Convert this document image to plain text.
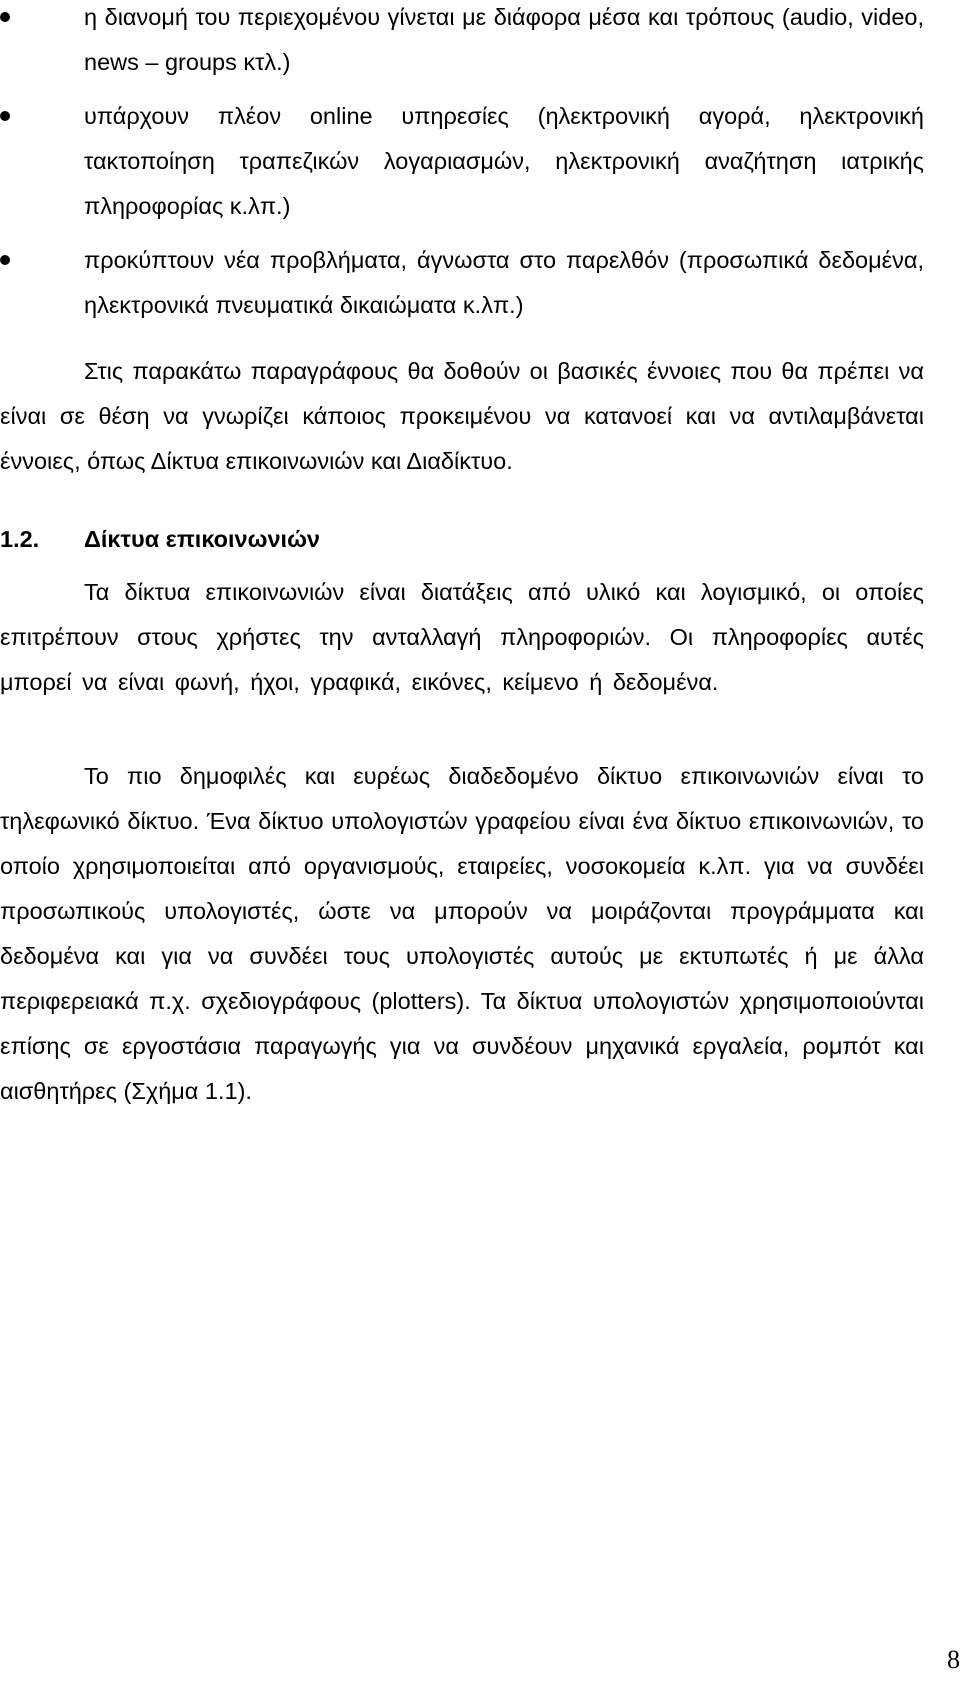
η διανομή του περιεχομένου γίνεται με διάφορα μέσα και τρόπους (audio, video, news – groups κτλ.)
υπάρχουν πλέον online υπηρεσίες (ηλεκτρονική αγορά, ηλεκτρονική τακτοποίηση τραπεζικών λογαριασμών, ηλεκτρονική αναζήτηση ιατρικής πληροφορίας κ.λπ.)
προκύπτουν νέα προβλήματα, άγνωστα στο παρελθόν (προσωπικά δεδομένα, ηλεκτρονικά πνευματικά δικαιώματα κ.λπ.)

Στις παρακάτω παραγράφους θα δοθούν οι βασικές έννοιες που θα πρέπει να είναι σε θέση να γνωρίζει κάποιος προκειμένου να κατανοεί και να αντιλαμβάνεται έννοιες, όπως Δίκτυα επικοινωνιών και Διαδίκτυο.

1.2. Δίκτυα επικοινωνιών

Τα δίκτυα επικοινωνιών είναι διατάξεις από υλικό και λογισμικό, οι οποίες επιτρέπουν στους χρήστες την ανταλλαγή πληροφοριών. Οι πληροφορίες αυτές μπορεί να είναι φωνή, ήχοι, γραφικά, εικόνες, κείμενο ή δεδομένα.

Το πιο δημοφιλές και ευρέως διαδεδομένο δίκτυο επικοινωνιών είναι το τηλεφωνικό δίκτυο. Ένα δίκτυο υπολογιστών γραφείου είναι ένα δίκτυο επικοινωνιών, το οποίο χρησιμοποιείται από οργανισμούς, εταιρείες, νοσοκομεία κ.λπ. για να συνδέει προσωπικούς υπολογιστές, ώστε να μπορούν να μοιράζονται προγράμματα και δεδομένα και για να συνδέει τους υπολογιστές αυτούς με εκτυπωτές ή με άλλα περιφερειακά π.χ. σχεδιογράφους (plotters). Τα δίκτυα υπολογιστών χρησιμοποιούνται επίσης σε εργοστάσια παραγωγής για να συνδέουν μηχανικά εργαλεία, ρομπότ και αισθητήρες (Σχήμα 1.1).

8
